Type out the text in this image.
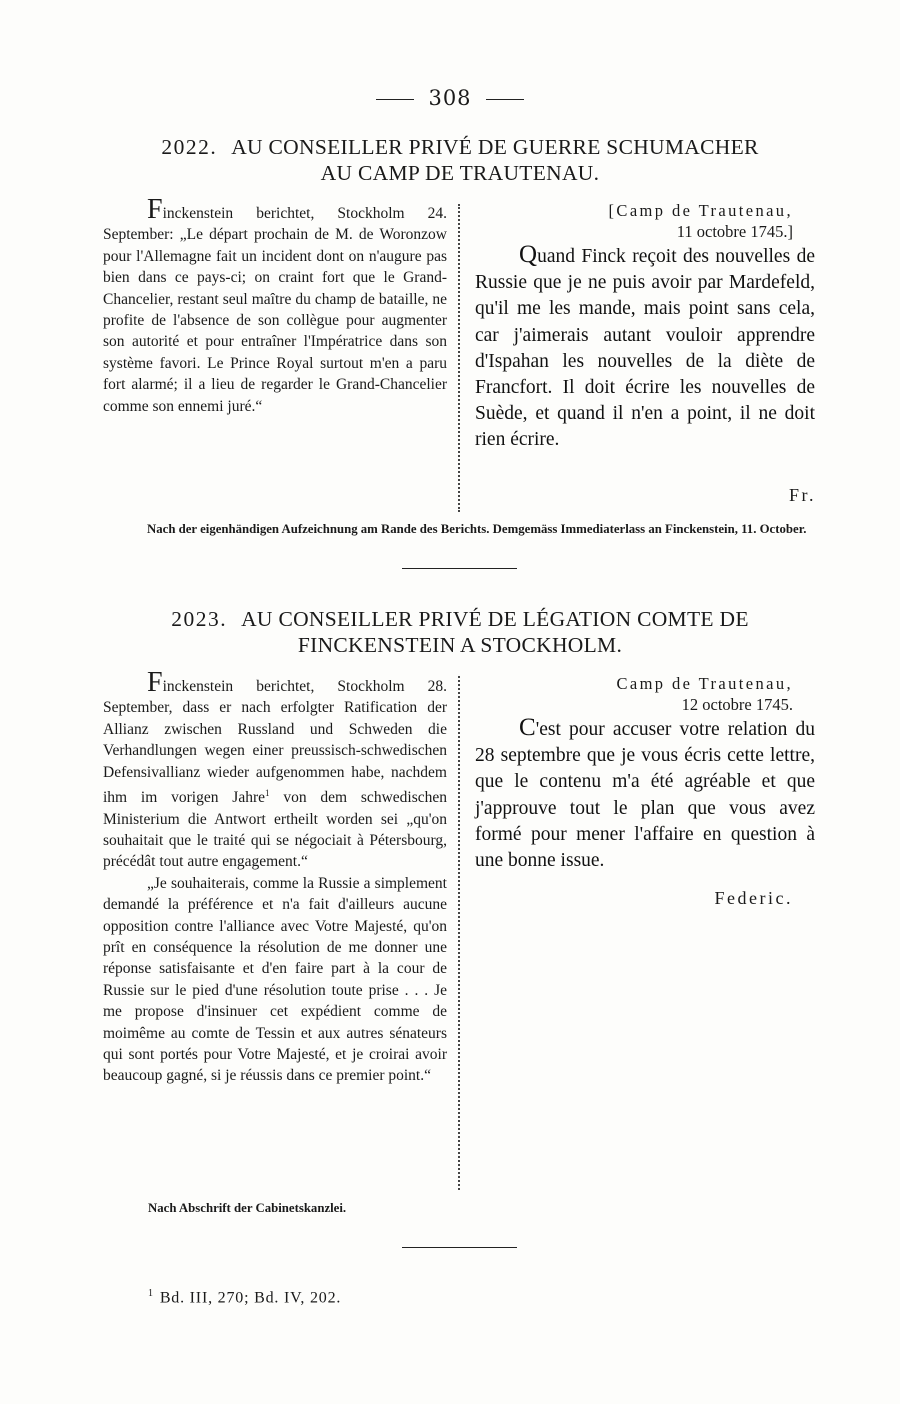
308
2022. AU CONSEILLER PRIVÉ DE GUERRE SCHUMACHER
AU CAMP DE TRAUTENAU.

Finckenstein berichtet, Stockholm 24. September: „Le départ prochain de M. de Woronzow pour l'Allemagne fait un incident dont on n'augure pas bien dans ce pays-ci; on craint fort que le Grand-Chancelier, restant seul maître du champ de bataille, ne profite de l'absence de son collègue pour augmenter son autorité et pour entraîner l'Impératrice dans son système favori. Le Prince Royal surtout m'en a paru fort alarmé; il a lieu de regarder le Grand-Chancelier comme son ennemi juré.“

[Camp de Trautenau,
11 octobre 1745.]

Quand Finck reçoit des nouvelles de Russie que je ne puis avoir par Mardefeld, qu'il me les mande, mais point sans cela, car j'aimerais autant vouloir apprendre d'Ispahan les nouvelles de la diète de Francfort. Il doit écrire les nouvelles de Suède, et quand il n'en a point, il ne doit rien écrire.

Fr.
Nach der eigenhändigen Aufzeichnung am Rande des Berichts. Demgemäss Immediaterlass an Finckenstein, 11. October.
2023. AU CONSEILLER PRIVÉ DE LÉGATION COMTE DE
FINCKENSTEIN A STOCKHOLM.

Finckenstein berichtet, Stockholm 28. September, dass er nach erfolgter Ratification der Allianz zwischen Russland und Schweden die Verhandlungen wegen einer preussisch-schwedischen Defensivallianz wieder aufgenommen habe, nachdem ihm im vorigen Jahre$^1$ von dem schwedischen Ministerium die Antwort ertheilt worden sei „qu'on souhaitait que le traité qui se négociait à Pétersbourg, précédât tout autre engagement.“

„Je souhaiterais, comme la Russie a simplement demandé la préférence et n'a fait d'ailleurs aucune opposition contre l'alliance avec Votre Majesté, qu'on prît en conséquence la résolution de me donner une réponse satisfaisante et d'en faire part à la cour de Russie sur le pied d'une résolution toute prise . . . Je me propose d'insinuer cet expédient comme de moimême au comte de Tessin et aux autres sénateurs qui sont portés pour Votre Majesté, et je croirai avoir beaucoup gagné, si je réussis dans ce premier point.“

Camp de Trautenau,
12 octobre 1745.

C'est pour accuser votre relation du 28 septembre que je vous écris cette lettre, que le contenu m'a été agréable et que j'approuve tout le plan que vous avez formé pour mener l'affaire en question à une bonne issue.

Federic.
Nach Abschrift der Cabinetskanzlei.
$^1$ Bd. III, 270; Bd. IV, 202.
